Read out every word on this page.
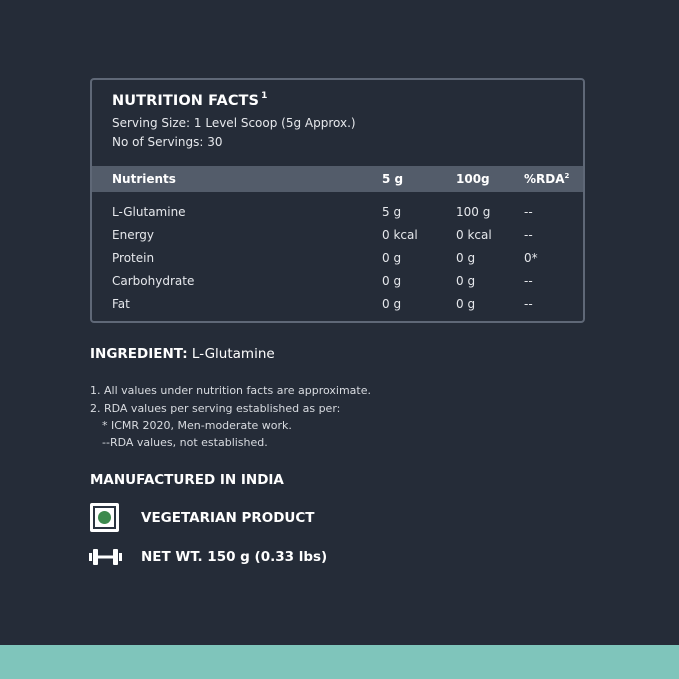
NUTRITION FACTS $^1$
Serving Size: 1 Level Scoop (5g Approx.)
No of Servings: 30
Nutrients	5 g	100g	%RDA$^2$
L-Glutamine	5 g	100 g	--
Energy	0 kcal	0 kcal	--
Protein	0 g	0 g	0*
Carbohydrate	0 g	0 g	--
Fat	0 g	0 g	--
INGREDIENT: L-Glutamine
1. All values under nutrition facts are approximate.
2. RDA values per serving established as per:
* ICMR 2020, Men-moderate work.
--RDA values, not established.
MANUFACTURED IN INDIA
VEGETARIAN PRODUCT
NET WT. 150 g (0.33 lbs)
